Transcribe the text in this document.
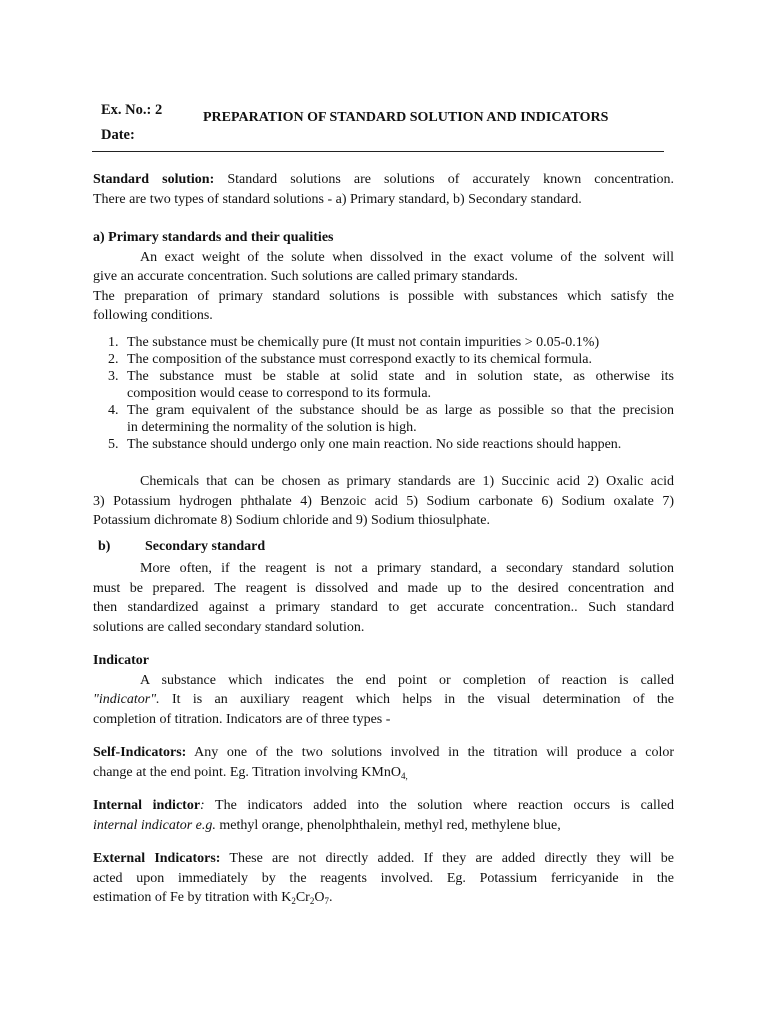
Ex. No.: 2
Date:
PREPARATION OF STANDARD SOLUTION AND INDICATORS

Standard solution: Standard solutions are solutions of accurately known concentration.

There are two types of standard solutions - a) Primary standard, b) Secondary standard.

a) Primary standards and their qualities

An exact weight of the solute when dissolved in the exact volume of the solvent will

give an accurate concentration. Such solutions are called primary standards.

The preparation of primary standard solutions is possible with substances which satisfy the

following conditions.

1. The substance must be chemically pure (It must not contain impurities > 0.05-0.1%)
2. The composition of the substance must correspond exactly to its chemical formula.
3. The substance must be stable at solid state and in solution state, as otherwise its
composition would cease to correspond to its formula.
4. The gram equivalent of the substance should be as large as possible so that the precision
in determining the normality of the solution is high.
5. The substance should undergo only one main reaction. No side reactions should happen.

Chemicals that can be chosen as primary standards are 1) Succinic acid 2) Oxalic acid

3) Potassium hydrogen phthalate 4) Benzoic acid 5) Sodium carbonate 6) Sodium oxalate 7)

Potassium dichromate 8) Sodium chloride and 9) Sodium thiosulphate.

b) Secondary standard

More often, if the reagent is not a primary standard, a secondary standard solution

must be prepared. The reagent is dissolved and made up to the desired concentration and

then standardized against a primary standard to get accurate concentration.. Such standard

solutions are called secondary standard solution.

Indicator

A substance which indicates the end point or completion of reaction is called

"indicator". It is an auxiliary reagent which helps in the visual determination of the

completion of titration. Indicators are of three types -

Self-Indicators: Any one of the two solutions involved in the titration will produce a color

change at the end point. Eg. Titration involving KMnO$_{4,}$

Internal indictor: The indicators added into the solution where reaction occurs is called

internal indicator e.g. methyl orange, phenolphthalein, methyl red, methylene blue,

External Indicators: These are not directly added. If they are added directly they will be

acted upon immediately by the reagents involved. Eg. Potassium ferricyanide in the

estimation of Fe by titration with $K_2Cr_2O_7$.
